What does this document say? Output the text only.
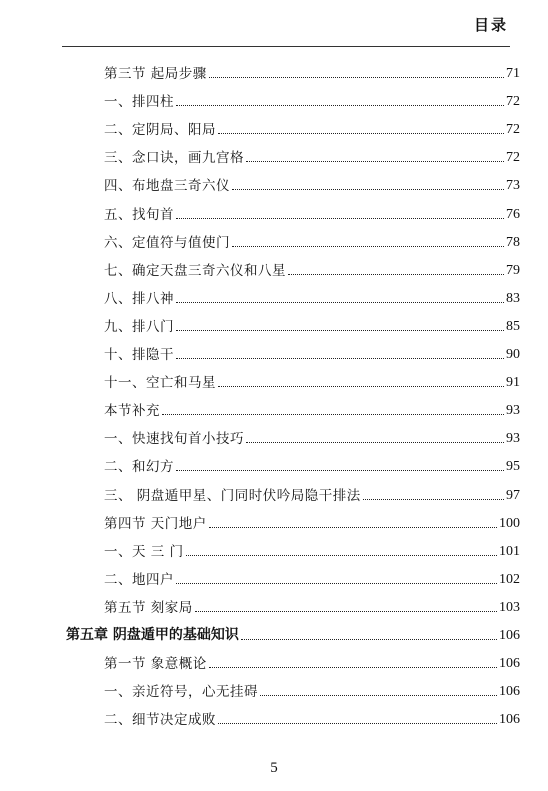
目录
第三节 起局步骤	71
一、排四柱	72
二、定阴局、阳局	72
三、念口诀，画九宫格	72
四、布地盘三奇六仪	73
五、找旬首	76
六、定值符与值使门	78
七、确定天盘三奇六仪和八星	79
八、排八神	83
九、排八门	85
十、排隐干	90
十一、空亡和马星	91
本节补充	93
一、快速找旬首小技巧	93
二、和幻方	95
三、 阴盘遁甲星、门同时伏吟局隐干排法	97
第四节 天门地户	100
一、天 三 门	101
二、地四户	102
第五节 刻家局	103
第五章 阴盘遁甲的基础知识	106
第一节 象意概论	106
一、亲近符号，心无挂碍	106
二、细节决定成败	106
5
